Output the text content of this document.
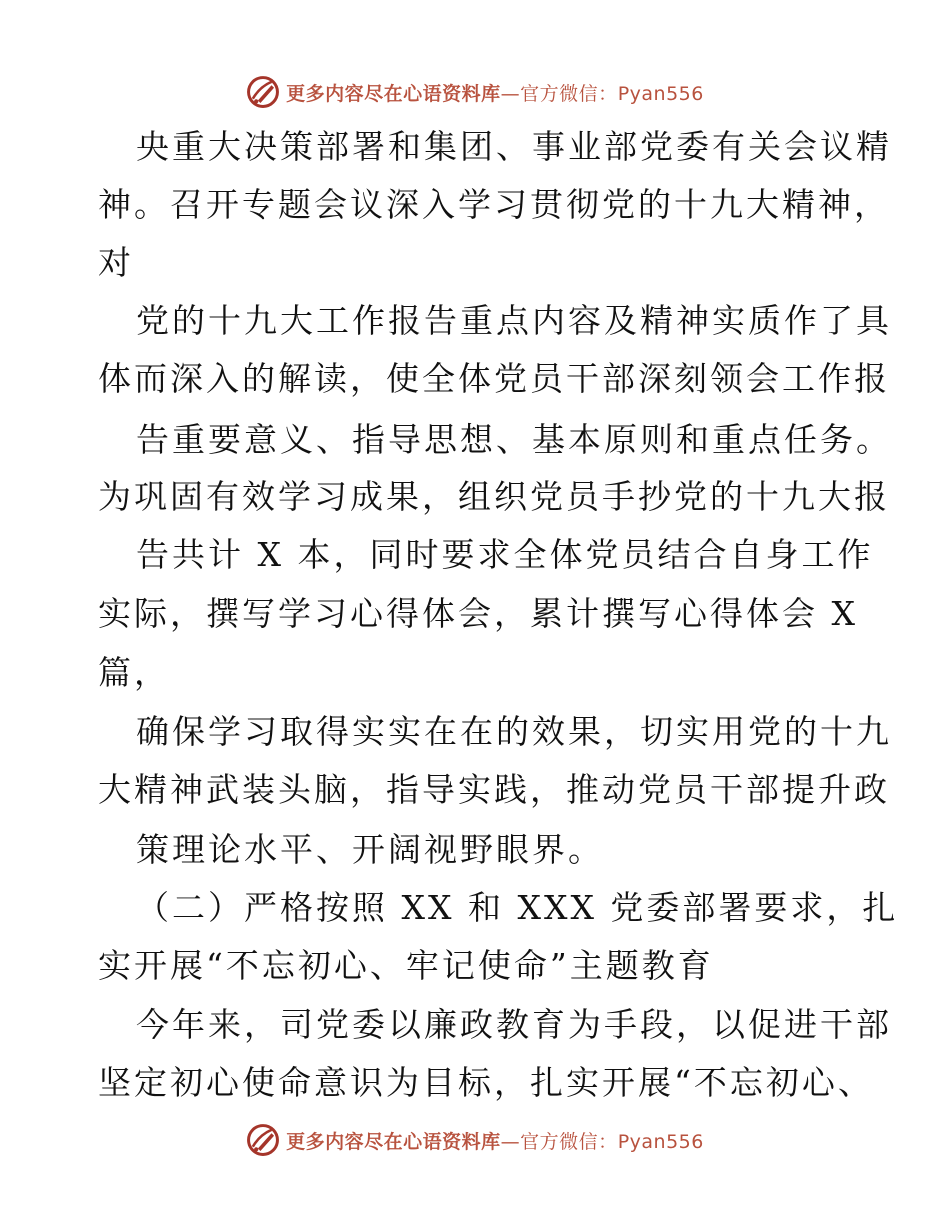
更多内容尽在心语资料库—官方微信：Pyan556
央重大决策部署和集团、事业部党委有关会议精
神。召开专题会议深入学习贯彻党的十九大精神，
对
党的十九大工作报告重点内容及精神实质作了具
体而深入的解读，使全体党员干部深刻领会工作报
告重要意义、指导思想、基本原则和重点任务。
为巩固有效学习成果，组织党员手抄党的十九大报
告共计 X 本，同时要求全体党员结合自身工作
实际，撰写学习心得体会，累计撰写心得体会 X
篇，
确保学习取得实实在在的效果，切实用党的十九
大精神武装头脑，指导实践，推动党员干部提升政
策理论水平、开阔视野眼界。
（二）严格按照 XX 和 XXX 党委部署要求，扎
实开展“不忘初心、牢记使命”主题教育
今年来，司党委以廉政教育为手段，以促进干部
坚定初心使命意识为目标，扎实开展“不忘初心、
更多内容尽在心语资料库—官方微信：Pyan556
